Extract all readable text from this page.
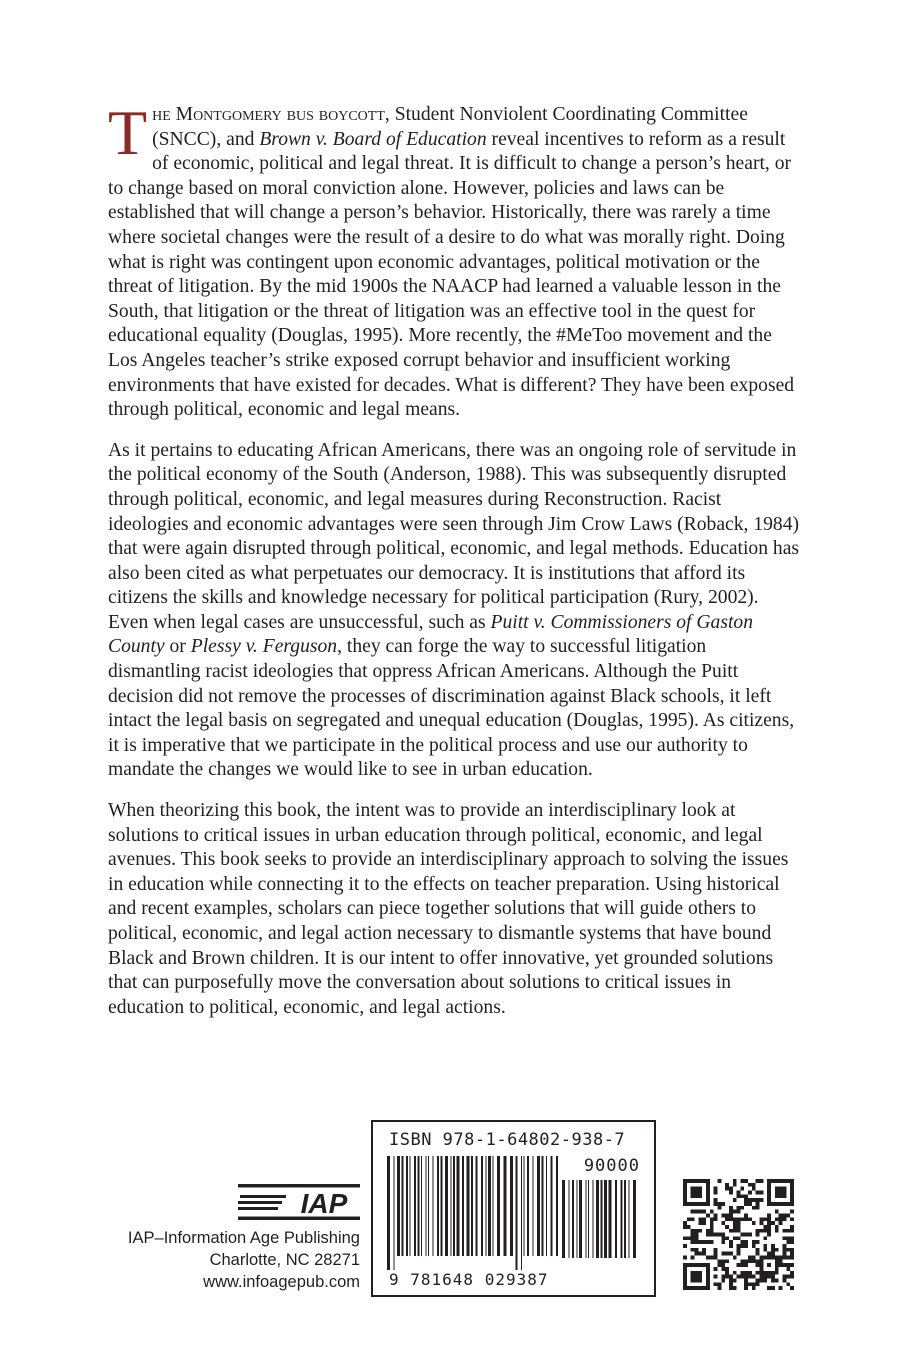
The Montgomery bus boycott, Student Nonviolent Coordinating Committee (SNCC), and Brown v. Board of Education reveal incentives to reform as a result of economic, political and legal threat. It is difficult to change a person’s heart, or to change based on moral conviction alone. However, policies and laws can be established that will change a person’s behavior. Historically, there was rarely a time where societal changes were the result of a desire to do what was morally right. Doing what is right was contingent upon economic advantages, political motivation or the threat of litigation. By the mid 1900s the NAACP had learned a valuable lesson in the South, that litigation or the threat of litigation was an effective tool in the quest for educational equality (Douglas, 1995). More recently, the #MeToo movement and the Los Angeles teacher’s strike exposed corrupt behavior and insufficient working environments that have existed for decades. What is different? They have been exposed through political, economic and legal means.

As it pertains to educating African Americans, there was an ongoing role of servitude in the political economy of the South (Anderson, 1988). This was subsequently disrupted through political, economic, and legal measures during Reconstruction. Racist ideologies and economic advantages were seen through Jim Crow Laws (Roback, 1984) that were again disrupted through political, economic, and legal methods. Education has also been cited as what perpetuates our democracy. It is institutions that afford its citizens the skills and knowledge necessary for political participation (Rury, 2002). Even when legal cases are unsuccessful, such as Puitt v. Commissioners of Gaston County or Plessy v. Ferguson, they can forge the way to successful litigation dismantling racist ideologies that oppress African Americans. Although the Puitt decision did not remove the processes of discrimination against Black schools, it left intact the legal basis on segregated and unequal education (Douglas, 1995). As citizens, it is imperative that we participate in the political process and use our authority to mandate the changes we would like to see in urban education.

When theorizing this book, the intent was to provide an interdisciplinary look at solutions to critical issues in urban education through political, economic, and legal avenues. This book seeks to provide an interdisciplinary approach to solving the issues in education while connecting it to the effects on teacher preparation. Using historical and recent examples, scholars can piece together solutions that will guide others to political, economic, and legal action necessary to dismantle systems that have bound Black and Brown children. It is our intent to offer innovative, yet grounded solutions that can purposefully move the conversation about solutions to critical issues in education to political, economic, and legal actions.

IAP
IAP–Information Age Publishing
Charlotte, NC 28271
www.infoagepub.com
ISBN 978-1-64802-938-7
90000
9 781648 029387
